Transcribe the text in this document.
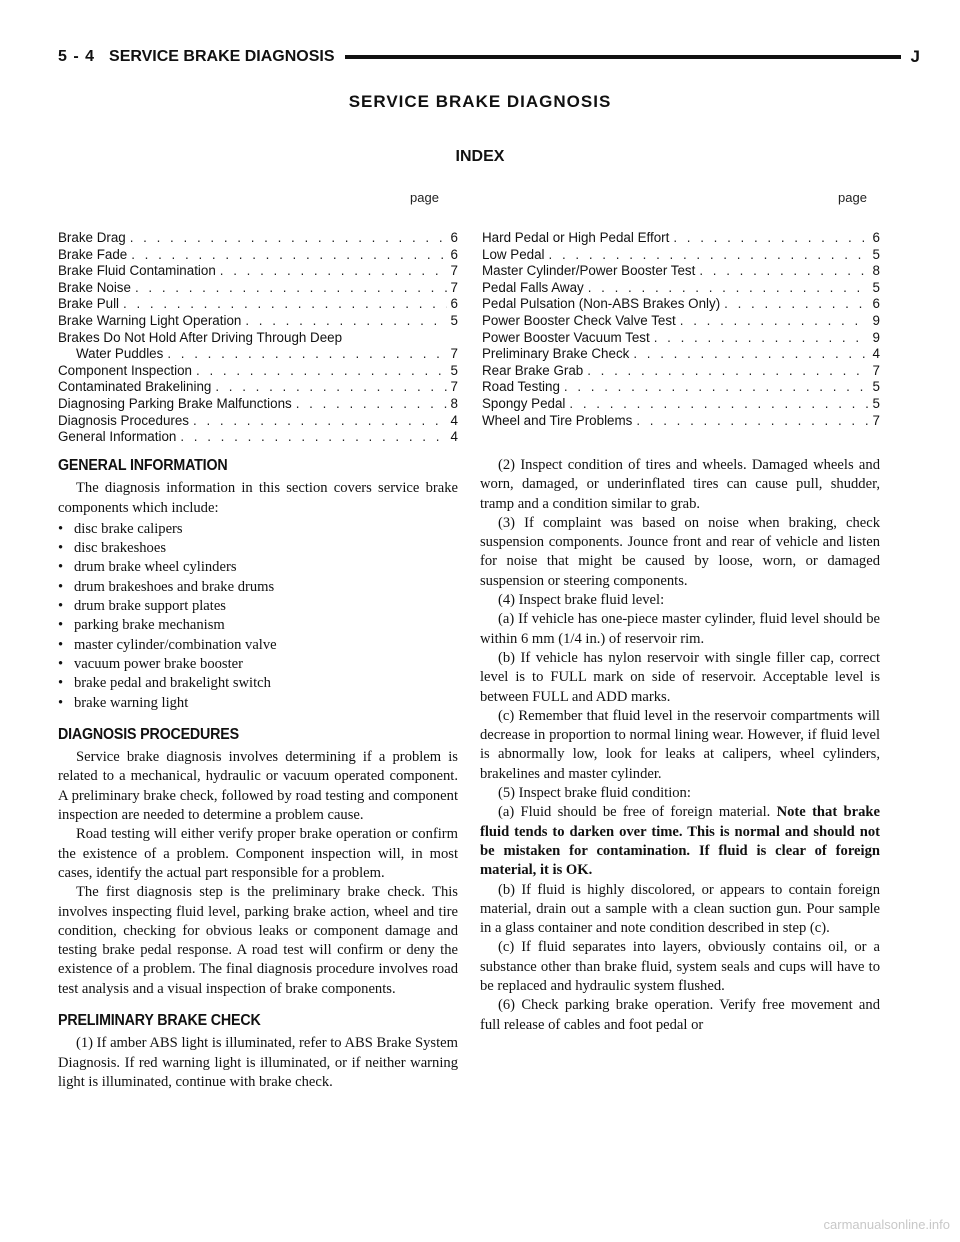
5 - 4 SERVICE BRAKE DIAGNOSIS	J
SERVICE BRAKE DIAGNOSIS
INDEX
page	page
Brake Drag . . .	6
Brake Fade . . .	6
Brake Fluid Contamination . . .	7
Brake Noise . . .	7
Brake Pull . . .	6
Brake Warning Light Operation . . .	5
Brakes Do Not Hold After Driving Through Deep
Water Puddles . . .	7
Component Inspection . . .	5
Contaminated Brakelining . . .	7
Diagnosing Parking Brake Malfunctions . . .	8
Diagnosis Procedures . . .	4
General Information . . .	4
Hard Pedal or High Pedal Effort . . .	6
Low Pedal . . .	5
Master Cylinder/Power Booster Test . . .	8
Pedal Falls Away . . .	5
Pedal Pulsation (Non-ABS Brakes Only) . . .	6
Power Booster Check Valve Test . . .	9
Power Booster Vacuum Test . . .	9
Preliminary Brake Check . . .	4
Rear Brake Grab . . .	7
Road Testing . . .	5
Spongy Pedal . . .	5
Wheel and Tire Problems . . .	7
GENERAL INFORMATION

The diagnosis information in this section covers service brake components which include:

• disc brake calipers
• disc brakeshoes
• drum brake wheel cylinders
• drum brakeshoes and brake drums
• drum brake support plates
• parking brake mechanism
• master cylinder/combination valve
• vacuum power brake booster
• brake pedal and brakelight switch
• brake warning light
DIAGNOSIS PROCEDURES

Service brake diagnosis involves determining if a problem is related to a mechanical, hydraulic or vacuum operated component. A preliminary brake check, followed by road testing and component inspection are needed to determine a problem cause.

Road testing will either verify proper brake operation or confirm the existence of a problem. Component inspection will, in most cases, identify the actual part responsible for a problem.

The first diagnosis step is the preliminary brake check. This involves inspecting fluid level, parking brake action, wheel and tire condition, checking for obvious leaks or component damage and testing brake pedal response. A road test will confirm or deny the existence of a problem. The final diagnosis procedure involves road test analysis and a visual inspection of brake components.

PRELIMINARY BRAKE CHECK

(1) If amber ABS light is illuminated, refer to ABS Brake System Diagnosis. If red warning light is illuminated, or if neither warning light is illuminated, continue with brake check.

(2) Inspect condition of tires and wheels. Damaged wheels and worn, damaged, or underinflated tires can cause pull, shudder, tramp and a condition similar to grab.

(3) If complaint was based on noise when braking, check suspension components. Jounce front and rear of vehicle and listen for noise that might be caused by loose, worn, or damaged suspension or steering components.

(4) Inspect brake fluid level:

(a) If vehicle has one-piece master cylinder, fluid level should be within 6 mm (1/4 in.) of reservoir rim.

(b) If vehicle has nylon reservoir with single filler cap, correct level is to FULL mark on side of reservoir. Acceptable level is between FULL and ADD marks.

(c) Remember that fluid level in the reservoir compartments will decrease in proportion to normal lining wear. However, if fluid level is abnormally low, look for leaks at calipers, wheel cylinders, brakelines and master cylinder.

(5) Inspect brake fluid condition:

(a) Fluid should be free of foreign material. Note that brake fluid tends to darken over time. This is normal and should not be mistaken for contamination. If fluid is clear of foreign material, it is OK.

(b) If fluid is highly discolored, or appears to contain foreign material, drain out a sample with a clean suction gun. Pour sample in a glass container and note condition described in step (c).

(c) If fluid separates into layers, obviously contains oil, or a substance other than brake fluid, system seals and cups will have to be replaced and hydraulic system flushed.

(6) Check parking brake operation. Verify free movement and full release of cables and foot pedal or

carmanualsonline.info
